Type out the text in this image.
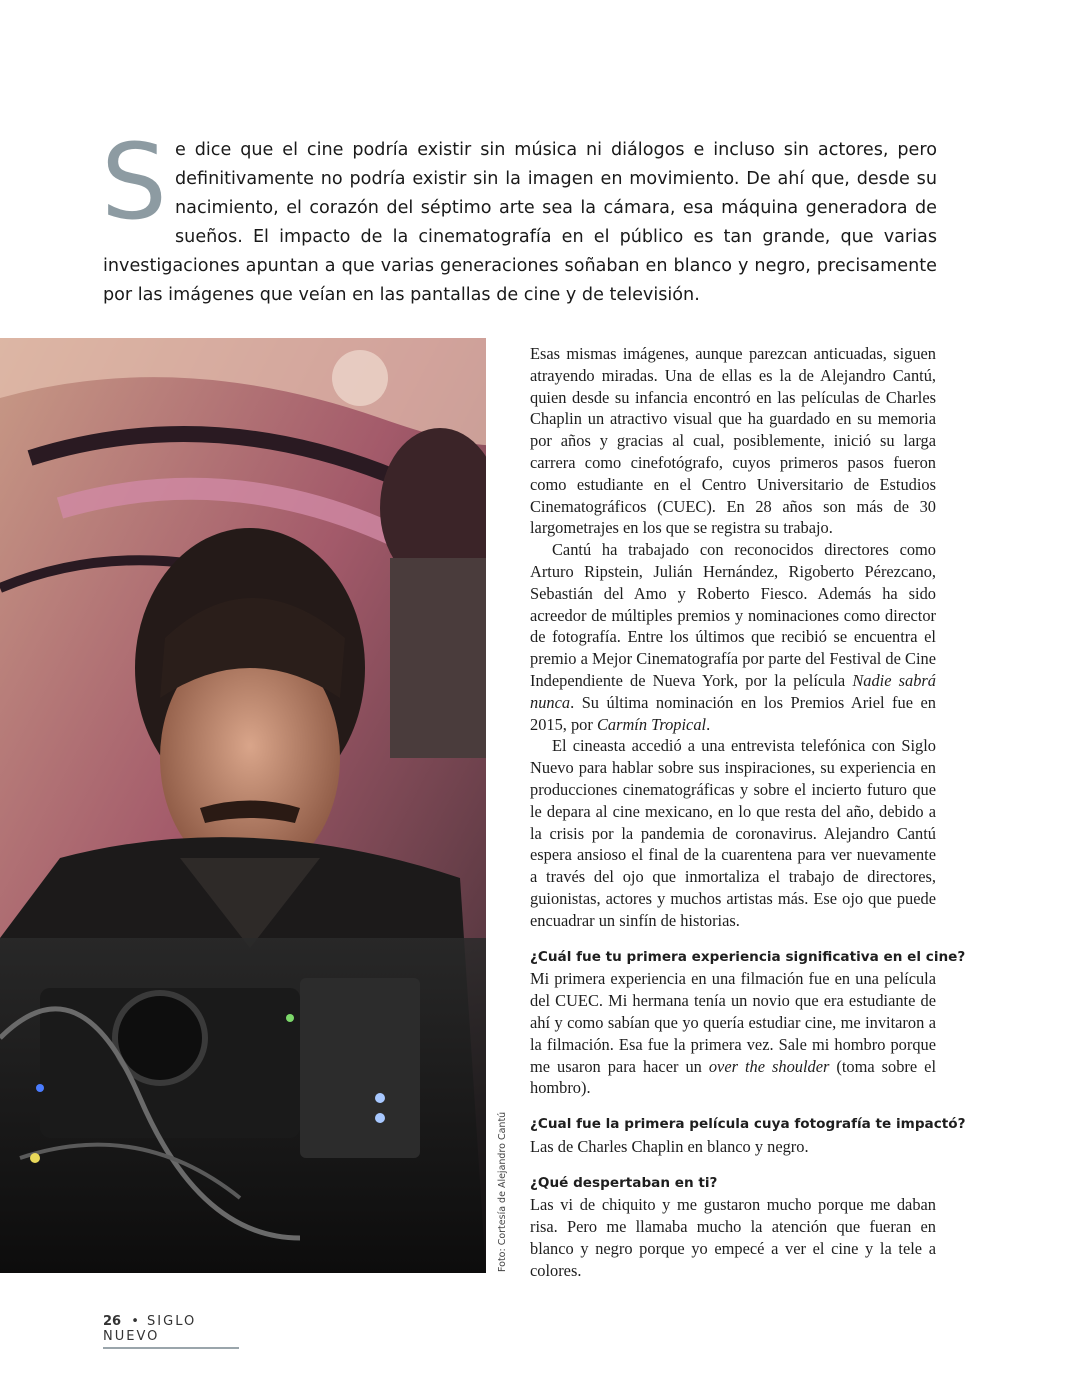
Se dice que el cine podría existir sin música ni diálogos e incluso sin actores, pero definitivamente no podría existir sin la imagen en movimiento. De ahí que, desde su nacimiento, el corazón del séptimo arte sea la cámara, esa máquina generadora de sueños. El impacto de la cinematografía en el público es tan grande, que varias investigaciones apuntan a que varias generaciones soñaban en blanco y negro, precisamente por las imágenes que veían en las pantallas de cine y de televisión.

Foto: Cortesía de Alejandro Cantú

Esas mismas imágenes, aunque parezcan anticuadas, siguen atrayendo miradas. Una de ellas es la de Alejandro Cantú, quien desde su infancia encontró en las películas de Charles Chaplin un atractivo visual que ha guardado en su memoria por años y gracias al cual, posiblemente, inició su larga carrera como cinefotógrafo, cuyos primeros pasos fueron como estudiante en el Centro Universitario de Estudios Cinematográficos (CUEC). En 28 años son más de 30 largometrajes en los que se registra su trabajo.

Cantú ha trabajado con reconocidos directores como Arturo Ripstein, Julián Hernández, Rigoberto Pérezcano, Sebastián del Amo y Roberto Fiesco. Además ha sido acreedor de múltiples premios y nominaciones como director de fotografía. Entre los últimos que recibió se encuentra el premio a Mejor Cinematografía por parte del Festival de Cine Independiente de Nueva York, por la película Nadie sabrá nunca. Su última nominación en los Premios Ariel fue en 2015, por Carmín Tropical.

El cineasta accedió a una entrevista telefónica con Siglo Nuevo para hablar sobre sus inspiraciones, su experiencia en producciones cinematográficas y sobre el incierto futuro que le depara al cine mexicano, en lo que resta del año, debido a la crisis por la pandemia de coronavirus. Alejandro Cantú espera ansioso el final de la cuarentena para ver nuevamente a través del ojo que inmortaliza el trabajo de directores, guionistas, actores y muchos artistas más. Ese ojo que puede encuadrar un sinfín de historias.

¿Cuál fue tu primera experiencia significativa en el cine?

Mi primera experiencia en una filmación fue en una película del CUEC. Mi hermana tenía un novio que era estudiante de ahí y como sabían que yo quería estudiar cine, me invitaron a la filmación. Esa fue la primera vez. Sale mi hombro porque me usaron para hacer un over the shoulder (toma sobre el hombro).

¿Cual fue la primera película cuya fotografía te impactó?

Las de Charles Chaplin en blanco y negro.

¿Qué despertaban en ti?

Las vi de chiquito y me gustaron mucho porque me daban risa. Pero me llamaba mucho la atención que fueran en blanco y negro porque yo empecé a ver el cine y la tele a colores.

26 • SIGLO NUEVO
